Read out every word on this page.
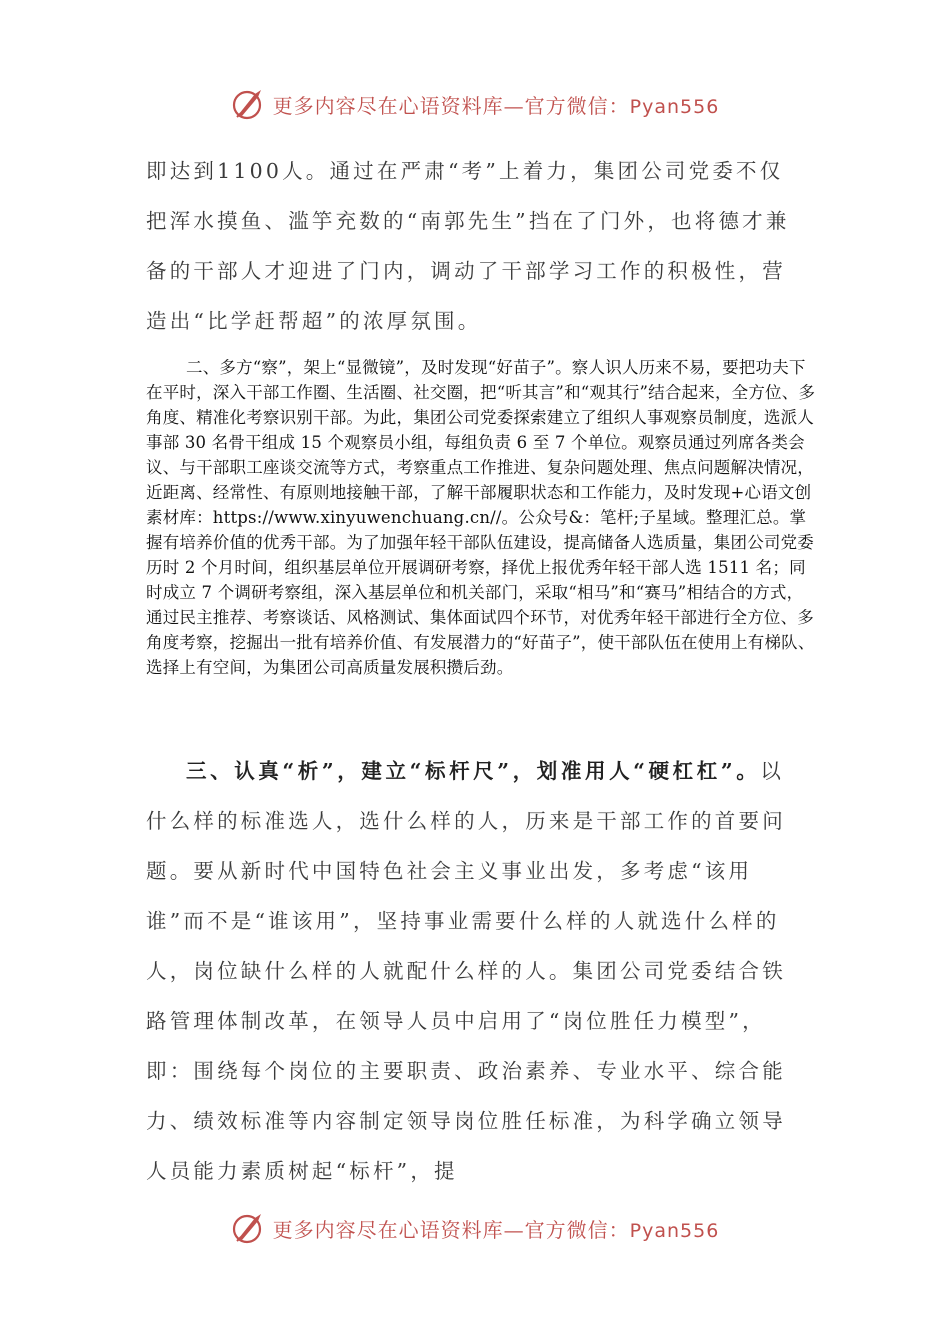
更多内容尽在心语资料库—官方微信：Pyan556

即达到1100人。通过在严肃“考”上着力，集团公司党委不仅把浑水摸鱼、滥竽充数的“南郭先生”挡在了门外，也将德才兼备的干部人才迎进了门内，调动了干部学习工作的积极性，营造出“比学赶帮超”的浓厚氛围。

二、多方“察”，架上“显微镜”，及时发现“好苗子”。察人识人历来不易，要把功夫下在平时，深入干部工作圈、生活圈、社交圈，把“听其言”和“观其行”结合起来，全方位、多角度、精准化考察识别干部。为此，集团公司党委探索建立了组织人事观察员制度，选派人事部 30 名骨干组成 15 个观察员小组，每组负责 6 至 7 个单位。观察员通过列席各类会议、与干部职工座谈交流等方式，考察重点工作推进、复杂问题处理、焦点问题解决情况，近距离、经常性、有原则地接触干部，了解干部履职状态和工作能力，及时发现+心语文创素材库：https://www.xinyuwenchuang.cn//。公众号&：笔杆;子星域。整理汇总。掌握有培养价值的优秀干部。为了加强年轻干部队伍建设，提高储备人选质量，集团公司党委历时 2 个月时间，组织基层单位开展调研考察，择优上报优秀年轻干部人选 1511 名；同时成立 7 个调研考察组，深入基层单位和机关部门，采取“相马”和“赛马”相结合的方式，通过民主推荐、考察谈话、风格测试、集体面试四个环节，对优秀年轻干部进行全方位、多角度考察，挖掘出一批有培养价值、有发展潜力的“好苗子”，使干部队伍在使用上有梯队、选择上有空间，为集团公司高质量发展积攒后劲。

三、认真“析”，建立“标杆尺”，划准用人“硬杠杠”。以什么样的标准选人，选什么样的人，历来是干部工作的首要问题。要从新时代中国特色社会主义事业出发，多考虑“该用谁”而不是“谁该用”，坚持事业需要什么样的人就选什么样的人，岗位缺什么样的人就配什么样的人。集团公司党委结合铁路管理体制改革，在领导人员中启用了“岗位胜任力模型”，即：围绕每个岗位的主要职责、政治素养、专业水平、综合能力、绩效标准等内容制定领导岗位胜任标准，为科学确立领导人员能力素质树起“标杆”，提

更多内容尽在心语资料库—官方微信：Pyan556
